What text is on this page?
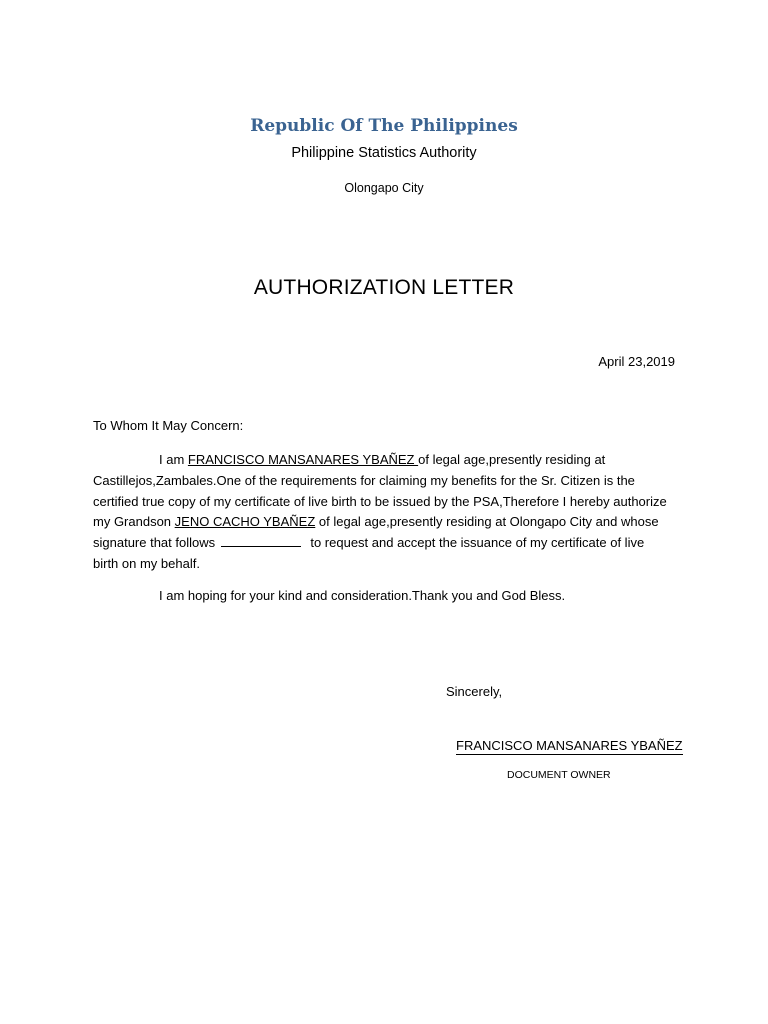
Republic Of The Philippines
Philippine Statistics Authority
Olongapo City
AUTHORIZATION LETTER
April 23,2019
To Whom It May Concern:
I am FRANCISCO MANSANARES YBAÑEZ of legal age,presently residing at Castillejos,Zambales.One of the requirements for claiming my benefits for the Sr. Citizen is the certified true copy of my certificate of live birth to be issued by the PSA,Therefore I hereby authorize my Grandson JENO CACHO YBAÑEZ of legal age,presently residing at Olongapo City and whose signature that follows	to request and accept the issuance of my certificate of live birth on my behalf.
I am hoping for your kind and consideration.Thank you and God Bless.
Sincerely,
FRANCISCO MANSANARES YBAÑEZ
DOCUMENT OWNER
